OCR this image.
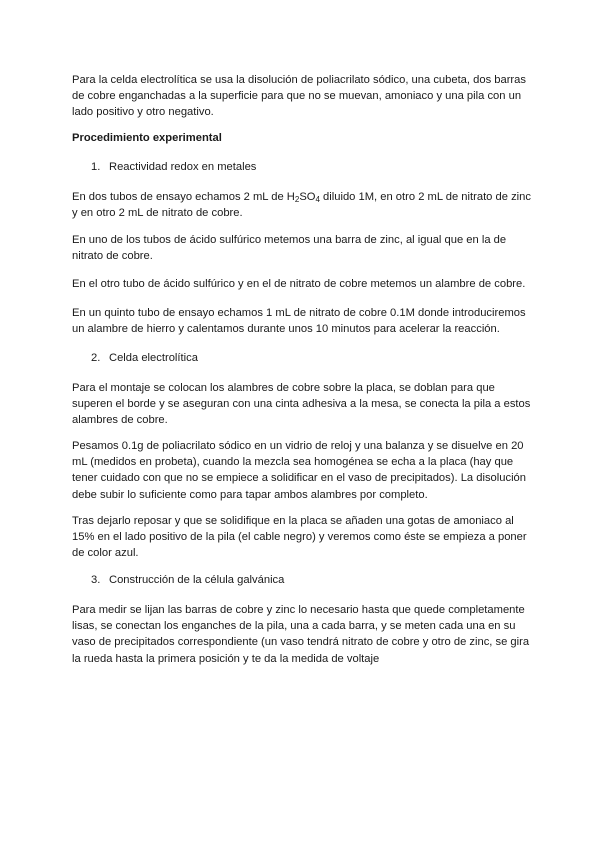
Para la celda electrolítica se usa la disolución de poliacrilato sódico, una cubeta, dos barras de cobre enganchadas a la superficie para que no se muevan, amoniaco y una pila con un lado positivo y otro negativo.

Procedimiento experimental

1. Reactividad redox en metales

En dos tubos de ensayo echamos 2 mL de $H_2SO_4$ diluido 1M, en otro 2 mL de nitrato de zinc y en otro 2 mL de nitrato de cobre.

En uno de los tubos de ácido sulfúrico metemos una barra de zinc, al igual que en la de nitrato de cobre.

En el otro tubo de ácido sulfúrico y en el de nitrato de cobre metemos un alambre de cobre.

En un quinto tubo de ensayo echamos 1 mL de nitrato de cobre 0.1M donde introduciremos un alambre de hierro y calentamos durante unos 10 minutos para acelerar la reacción.

2. Celda electrolítica

Para el montaje se colocan los alambres de cobre sobre la placa, se doblan para que superen el borde y se aseguran con una cinta adhesiva a la mesa, se conecta la pila a estos alambres de cobre.

Pesamos 0.1g de poliacrilato sódico en un vidrio de reloj y una balanza y se disuelve en 20 mL (medidos en probeta), cuando la mezcla sea homogénea se echa a la placa (hay que tener cuidado con que no se empiece a solidificar en el vaso de precipitados). La disolución debe subir lo suficiente como para tapar ambos alambres por completo.

Tras dejarlo reposar y que se solidifique en la placa se añaden una gotas de amoniaco al 15% en el lado positivo de la pila (el cable negro) y veremos como éste se empieza a poner de color azul.

3. Construcción de la célula galvánica

Para medir se lijan las barras de cobre y zinc lo necesario hasta que quede completamente lisas, se conectan los enganches de la pila, una a cada barra, y se meten cada una en su vaso de precipitados correspondiente (un vaso tendrá nitrato de cobre y otro de zinc, se gira la rueda hasta la primera posición y te da la medida de voltaje
